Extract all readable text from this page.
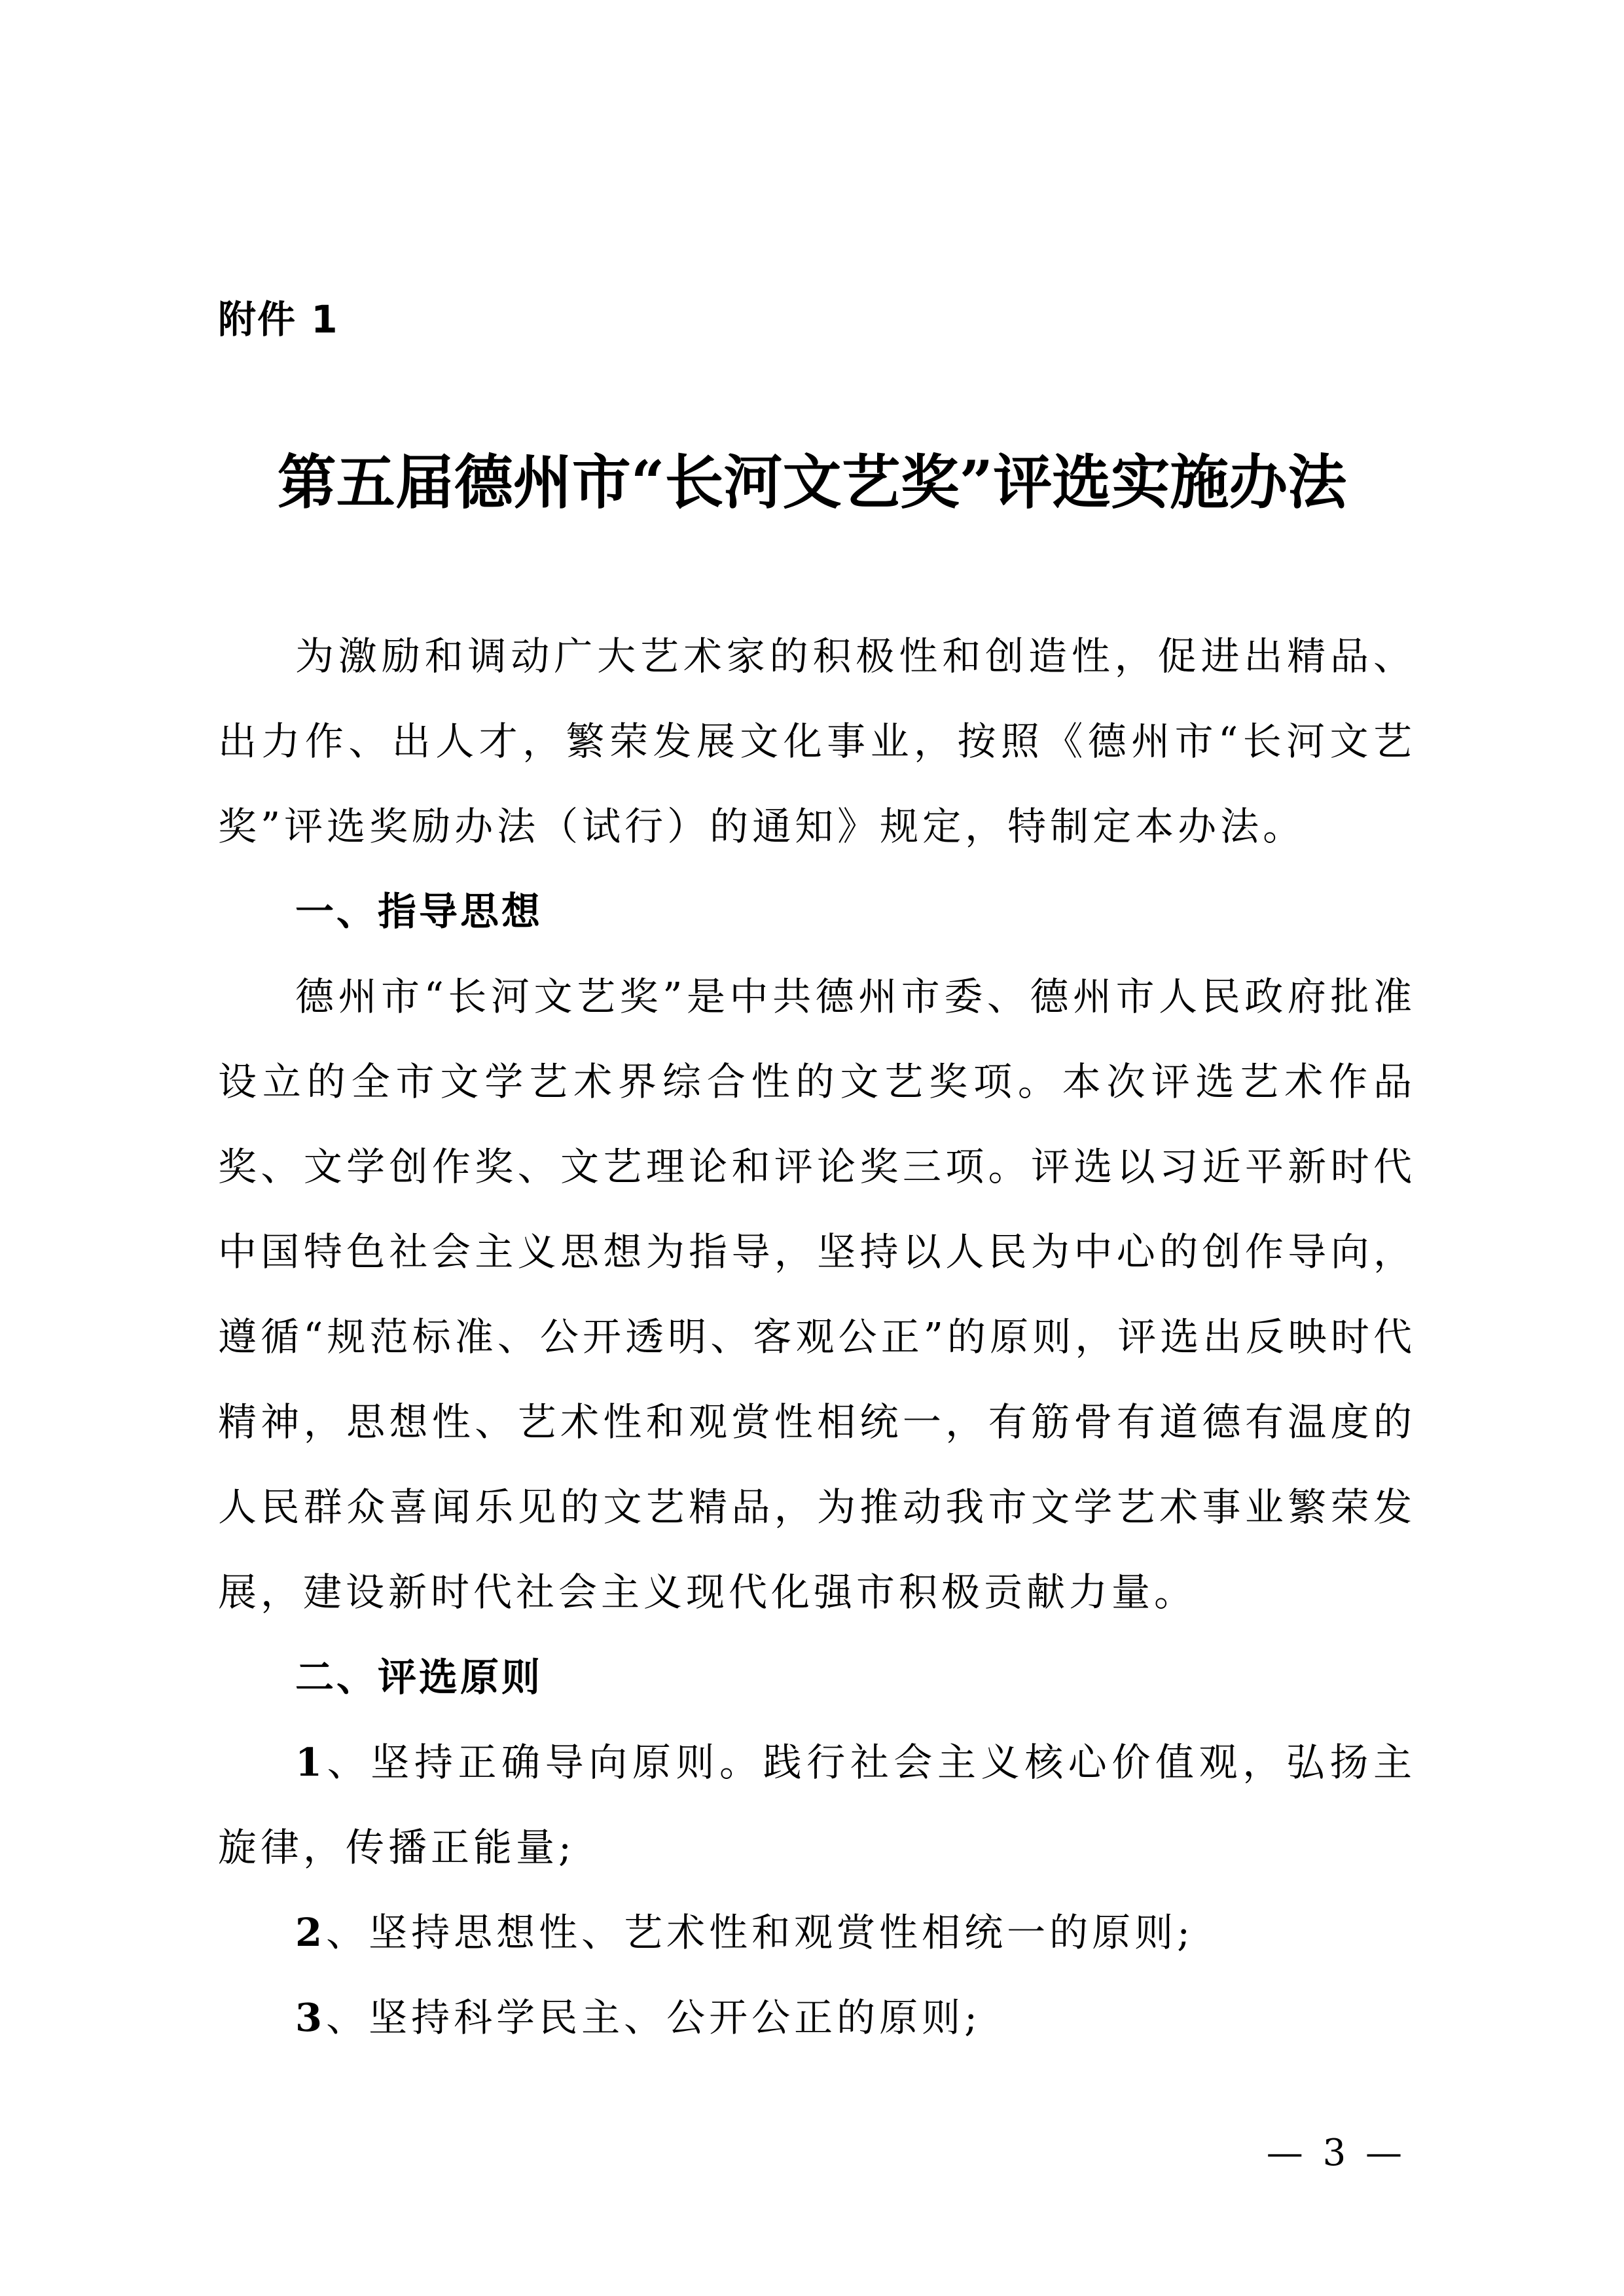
附件 1
第五届德州市“长河文艺奖”评选实施办法

为激励和调动广大艺术家的积极性和创造性，促进出精品、出力作、出人才，繁荣发展文化事业，按照《德州市“长河文艺奖”评选奖励办法（试行）的通知》规定，特制定本办法。

一、指导思想

德州市“长河文艺奖”是中共德州市委、德州市人民政府批准设立的全市文学艺术界综合性的文艺奖项。本次评选艺术作品奖、文学创作奖、文艺理论和评论奖三项。评选以习近平新时代中国特色社会主义思想为指导，坚持以人民为中心的创作导向，遵循“规范标准、公开透明、客观公正”的原则，评选出反映时代精神，思想性、艺术性和观赏性相统一，有筋骨有道德有温度的人民群众喜闻乐见的文艺精品，为推动我市文学艺术事业繁荣发展，建设新时代社会主义现代化强市积极贡献力量。

二、评选原则

1、坚持正确导向原则。践行社会主义核心价值观，弘扬主旋律，传播正能量;

2、坚持思想性、艺术性和观赏性相统一的原则;

3、坚持科学民主、公开公正的原则;

— 3 —
